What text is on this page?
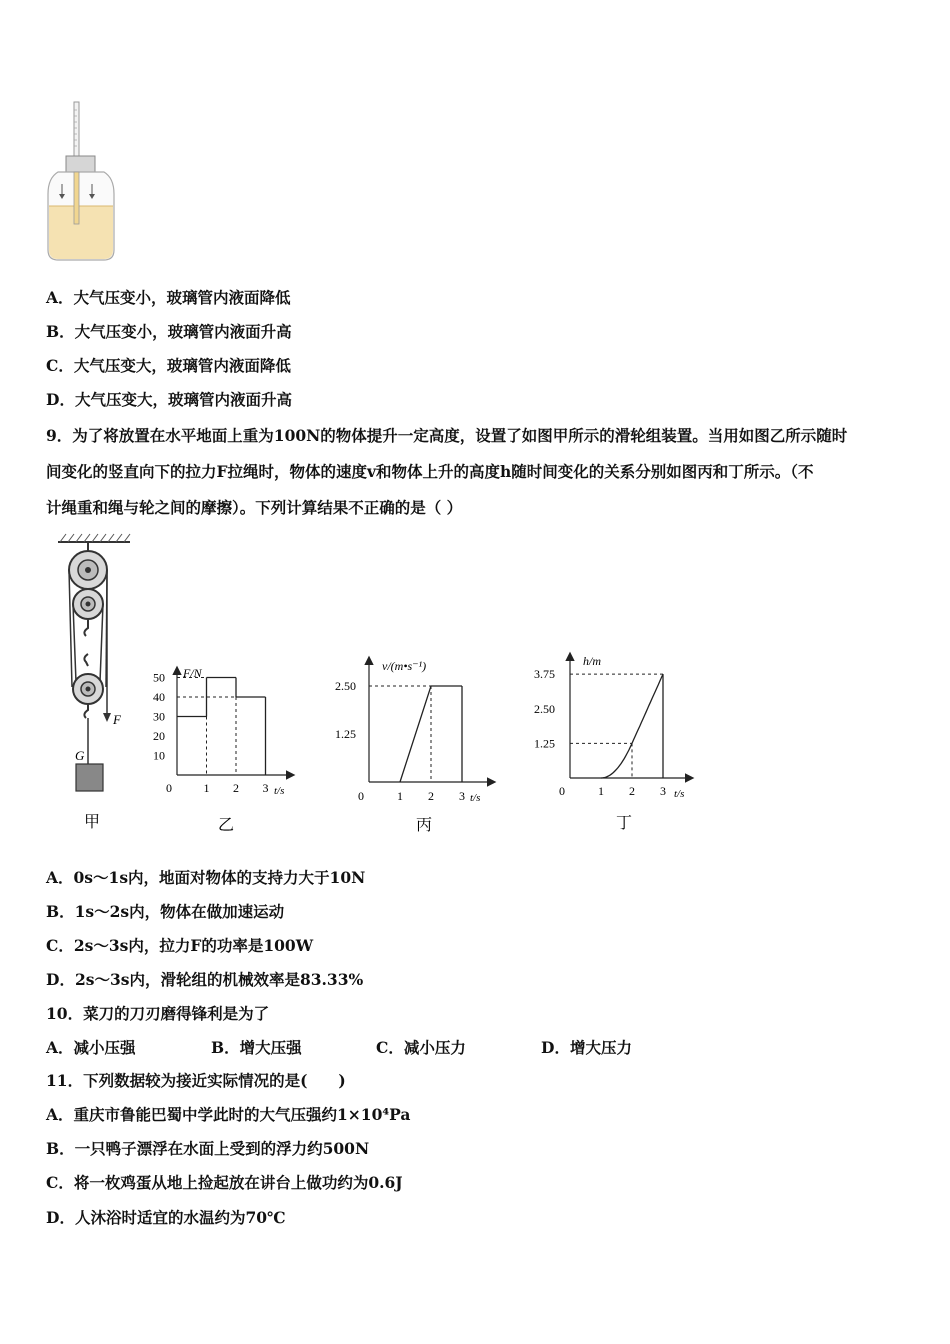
A．大气压变小，玻璃管内液面降低
B．大气压变小，玻璃管内液面升高
C．大气压变大，玻璃管内液面降低
D．大气压变大，玻璃管内液面升高
9．为了将放置在水平地面上重为100N的物体提升一定高度，设置了如图甲所示的滑轮组装置。当用如图乙所示随时
间变化的竖直向下的拉力F拉绳时，物体的速度v和物体上升的高度h随时间变化的关系分别如图丙和丁所示。（不
计绳重和绳与轮之间的摩擦）。下列计算结果不正确的是（ ）
F
G
甲
F/N
t/s
0	1 2 3
10
20
30
40
50
乙
v/(m•s⁻¹)
t/s
0	1 2 3
1.25
2.50
丙
h/m
t/s
0	1 2 3
1.25
2.50
3.75
丁
A．0s～1s内，地面对物体的支持力大于10N
B．1s～2s内，物体在做加速运动
C．2s～3s内，拉力F的功率是100W
D．2s～3s内，滑轮组的机械效率是83.33%
10．菜刀的刀刃磨得锋利是为了
A．减小压强	B．增大压强	C．减小压力	D．增大压力
11．下列数据较为接近实际情况的是(　　)
A．重庆市鲁能巴蜀中学此时的大气压强约1×10⁴Pa
B．一只鸭子漂浮在水面上受到的浮力约500N
C．将一枚鸡蛋从地上捡起放在讲台上做功约为0.6J
D．人沐浴时适宜的水温约为70℃
